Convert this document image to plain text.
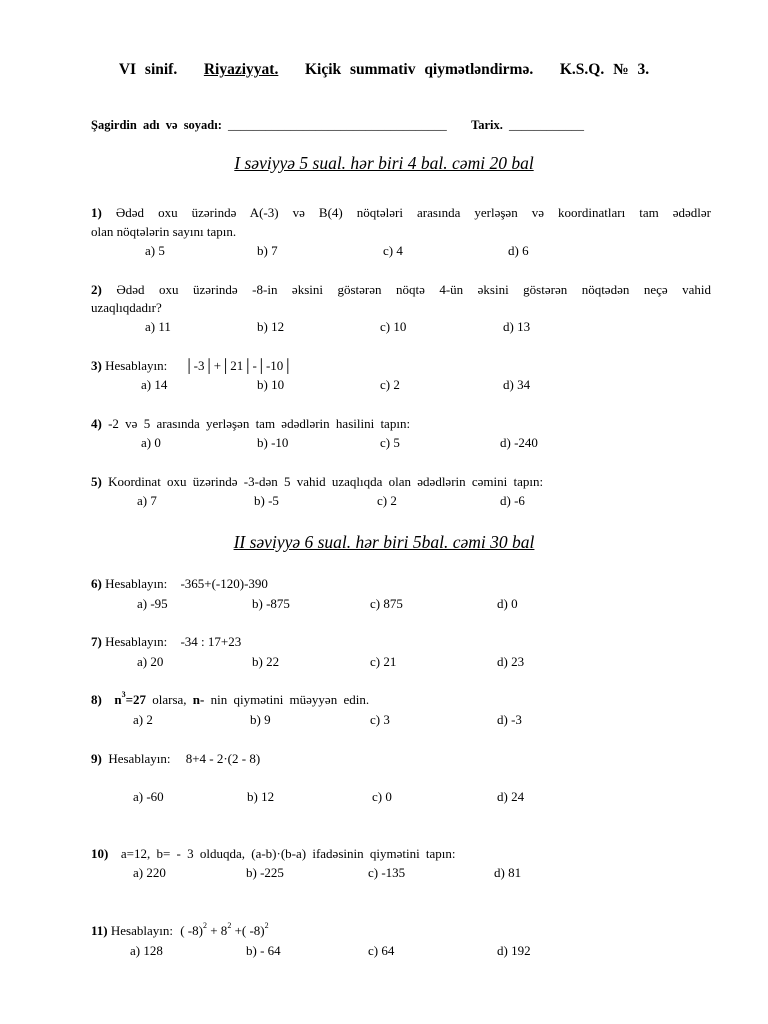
VI sinif. Riyaziyyat. Kiçik summativ qiymətləndirmə. K.S.Q. № 3.
Şagirdin adı və soyadı: ___________________________________ Tarix. ____________
I səviyyə 5 sual. hər biri 4 bal. cəmi 20 bal
1) Ədəd oxu üzərində A(-3) və B(4) nöqtələri arasında yerləşən və koordinatları tam ədədlər
olan nöqtələrin sayını tapın.
a) 5	b) 7	c) 4	d) 6
2) Ədəd oxu üzərində -8-in əksini göstərən nöqtə 4-ün əksini göstərən nöqtədən neçə vahid
uzaqlıqdadır?
a) 11	b) 12	c) 10	d) 13
3) Hesablayın: │-3│+│21│-│-10│
a) 14	b) 10	c) 2	d) 34
4) -2 və 5 arasında yerləşən tam ədədlərin hasilini tapın:
a) 0	b) -10	c) 5	d) -240
5) Koordinat oxu üzərində -3-dən 5 vahid uzaqlıqda olan ədədlərin cəmini tapın:
a) 7	b) -5	c) 2	d) -6
II səviyyə 6 sual. hər biri 5bal. cəmi 30 bal
6) Hesablayın: -365+(-120)-390
a) -95	b) -875	c) 875	d) 0
7) Hesablayın: -34 : 17+23
a) 20	b) 22	c) 21	d) 23
8) $n^3=27$ olarsa, n- nin qiymətini müəyyən edin.
a) 2	b) 9	c) 3	d) -3
9) Hesablayın: 8+4 - 2·(2 - 8)
a) -60	b) 12	c) 0	d) 24
10) a=12, b= - 3 olduqda, (a-b)·(b-a) ifadəsinin qiymətini tapın:
a) 220	b) -225	c) -135	d) 81
11) Hesablayın: ( $-8)^2 + 8^2$ +( -8)$^2$
a) 128	b) - 64	c) 64	d) 192
